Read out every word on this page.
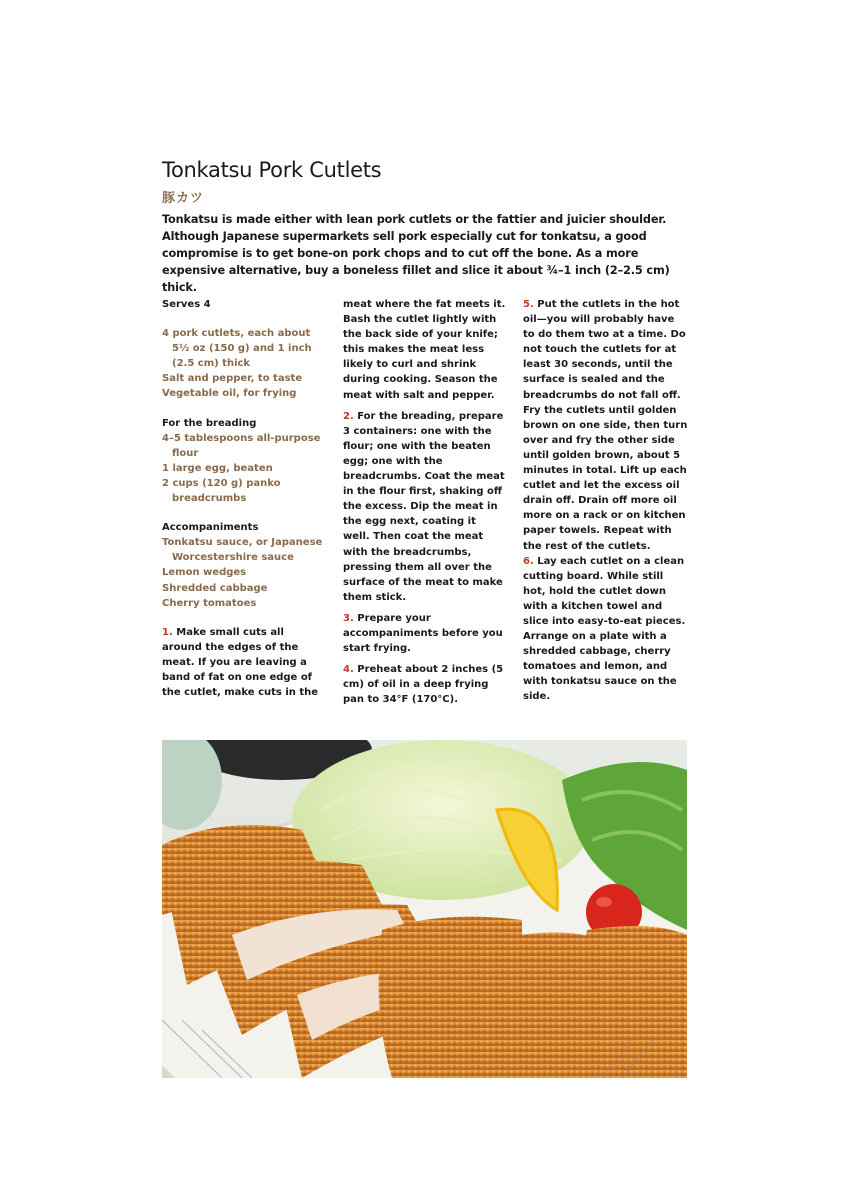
Tonkatsu Pork Cutlets
豚カツ
Tonkatsu is made either with lean pork cutlets or the fattier and juicier shoulder. Although Japanese supermarkets sell pork especially cut for tonkatsu, a good compromise is to get bone-on pork chops and to cut off the bone. As a more expensive alternative, buy a boneless fillet and slice it about ¾–1 inch (2–2.5 cm) thick.

Serves 4

4 pork cutlets, each about 5½ oz (150 g) and 1 inch (2.5 cm) thick

Salt and pepper, to taste

Vegetable oil, for frying

For the breading

4–5 tablespoons all-purpose flour

1 large egg, beaten

2 cups (120 g) panko breadcrumbs

Accompaniments

Tonkatsu sauce, or Japanese Worcestershire sauce

Lemon wedges

Shredded cabbage

Cherry tomatoes

1. Make small cuts all around the edges of the meat. If you are leaving a band of fat on one edge of the cutlet, make cuts in the

meat where the fat meets it. Bash the cutlet lightly with the back side of your knife; this makes the meat less likely to curl and shrink during cooking. Season the meat with salt and pepper.

2. For the breading, prepare 3 containers: one with the flour; one with the beaten egg; one with the breadcrumbs. Coat the meat in the flour first, shaking off the excess. Dip the meat in the egg next, coating it well. Then coat the meat with the breadcrumbs, pressing them all over the surface of the meat to make them stick.

3. Prepare your accompaniments before you start frying.

4. Preheat about 2 inches (5 cm) of oil in a deep frying pan to 34°F (170°C).

5. Put the cutlets in the hot oil—you will probably have to do them two at a time. Do not touch the cutlets for at least 30 seconds, until the surface is sealed and the breadcrumbs do not fall off. Fry the cutlets until golden brown on one side, then turn over and fry the other side until golden brown, about 5 minutes in total. Lift up each cutlet and let the excess oil drain off. Drain off more oil more on a rack or on kitchen paper towels. Repeat with the rest of the cutlets.

6. Lay each cutlet on a clean cutting board. While still hot, hold the cutlet down with a kitchen towel and slice into easy-to-eat pieces. Arrange on a plate with a shredded cabbage, cherry tomatoes and lemon, and with tonkatsu sauce on the side.
